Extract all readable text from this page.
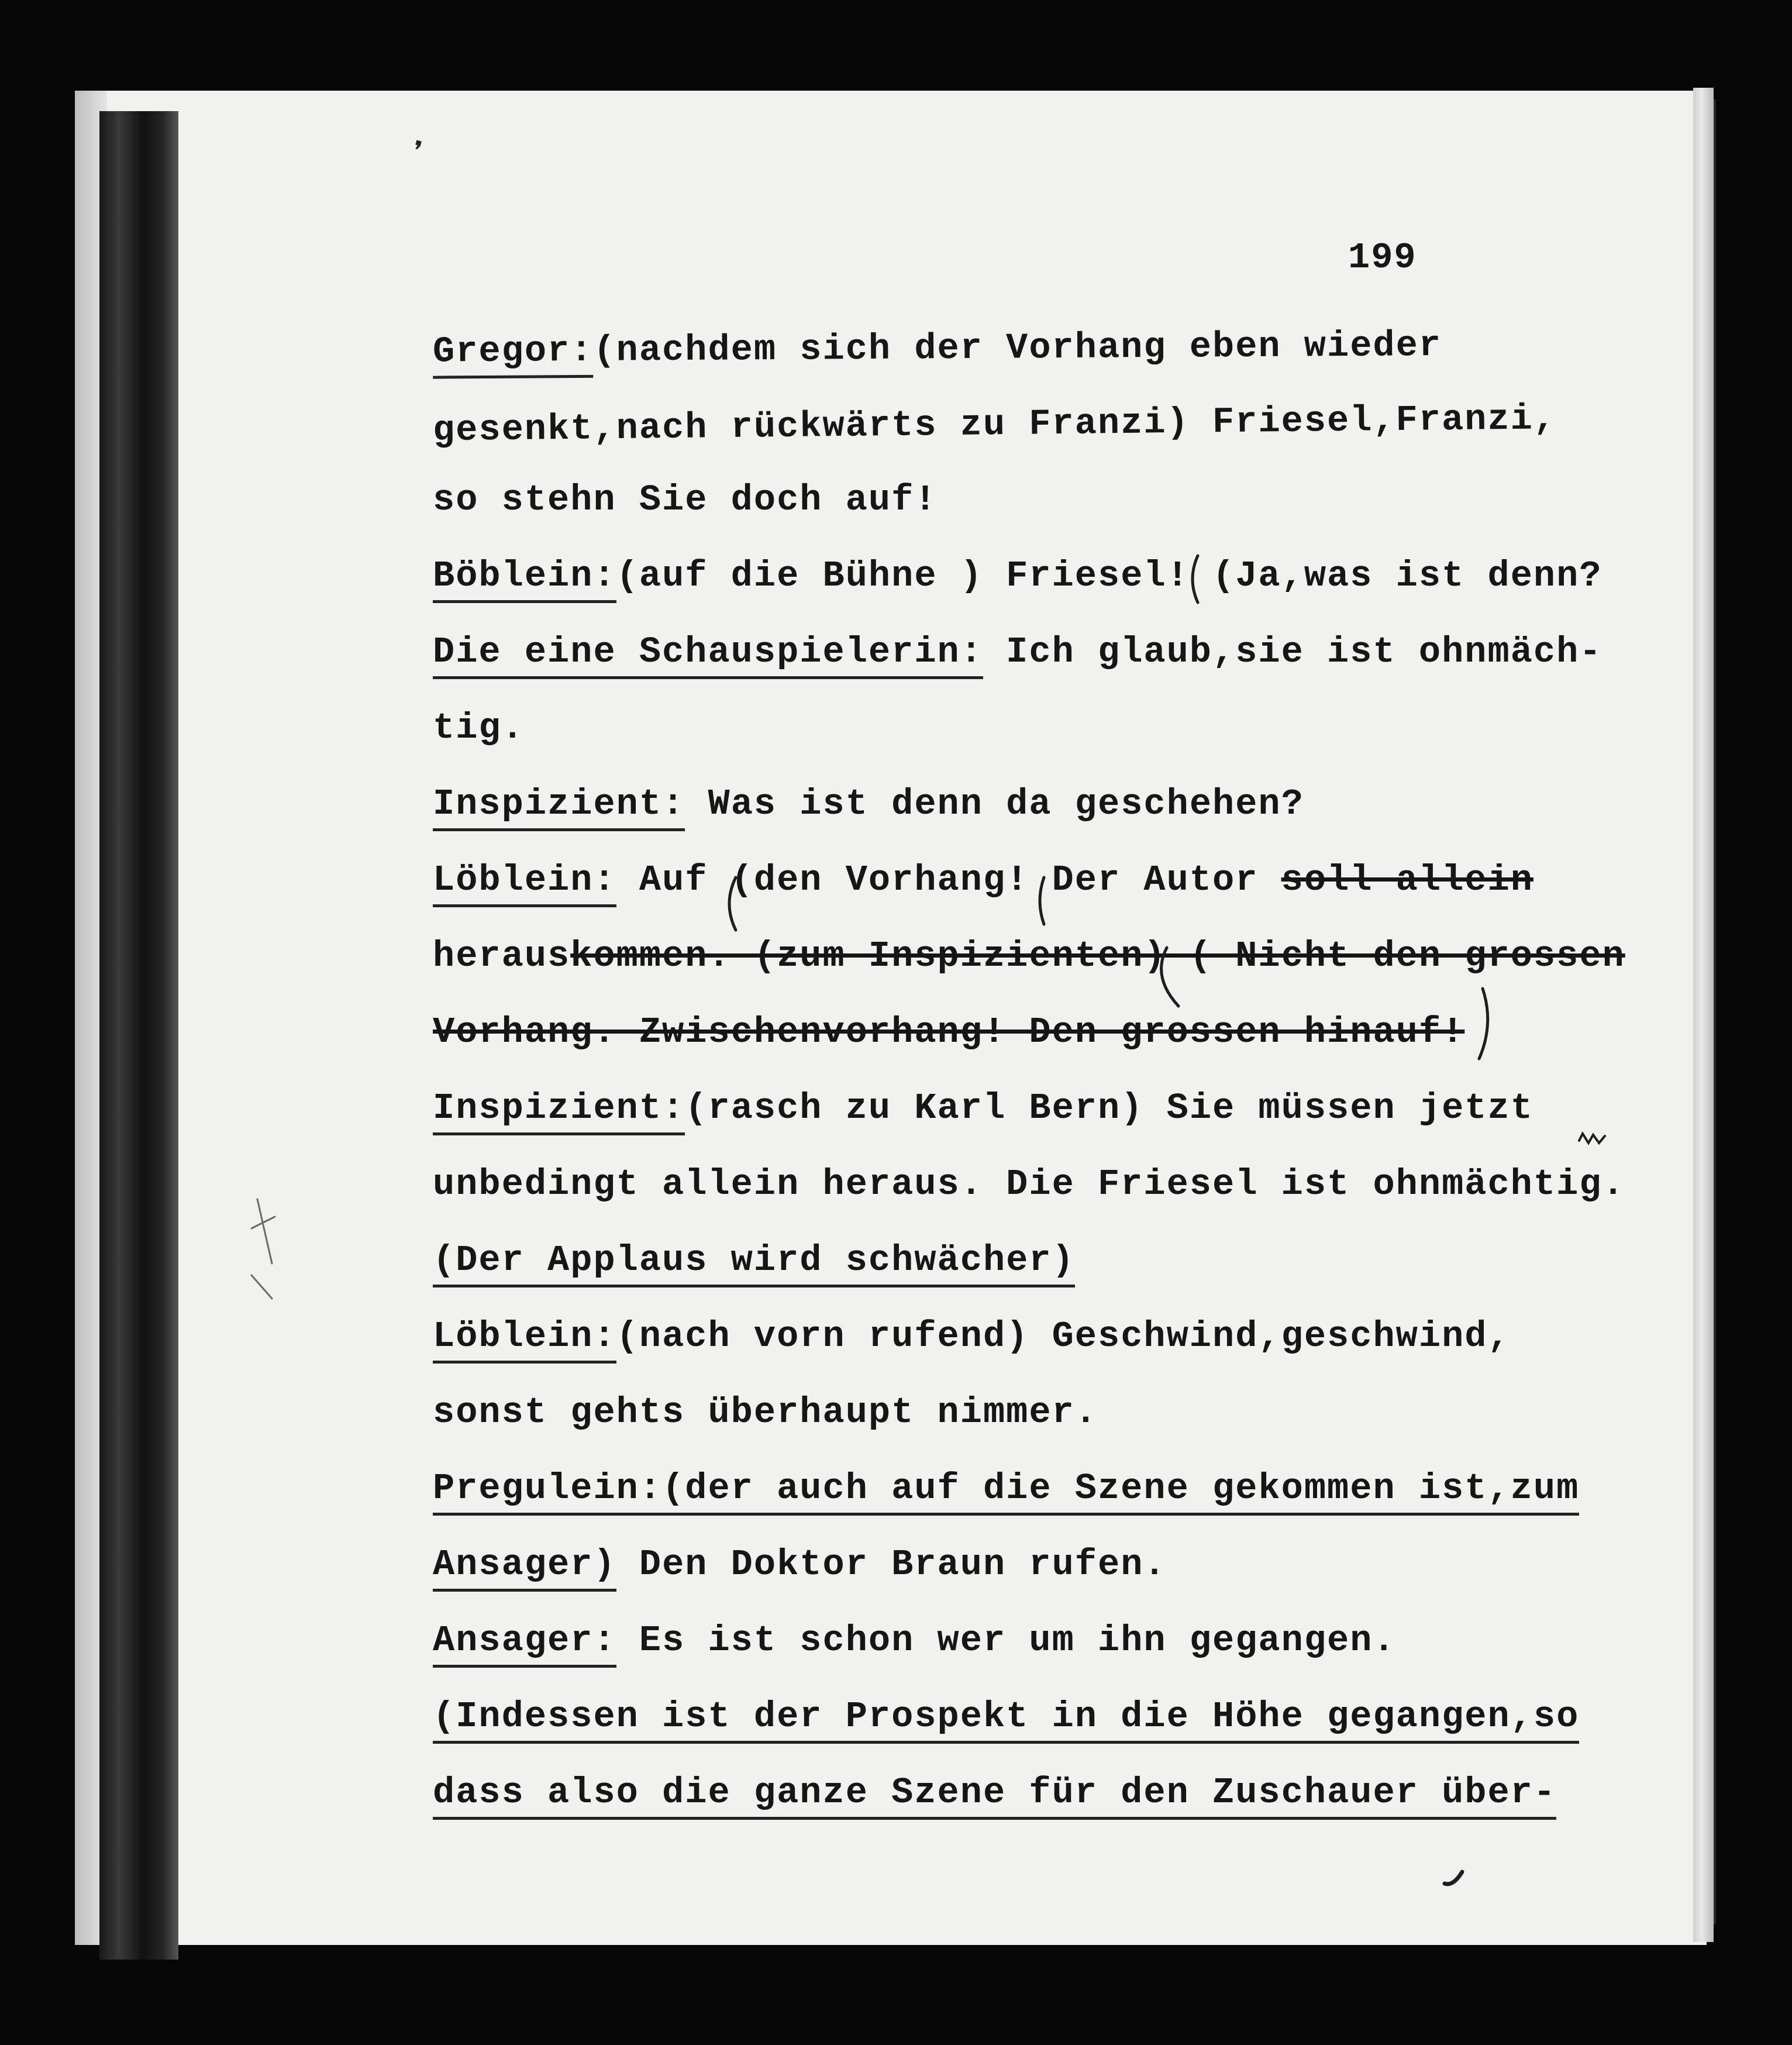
199
❜
Gregor:(nachdem sich der Vorhang eben wieder
gesenkt,nach rückwärts zu Franzi) Friesel,Franzi,
so stehn Sie doch auf!
Böblein:(auf die Bühne ) Friesel! (Ja,was ist denn?
Die eine Schauspielerin: Ich glaub,sie ist ohnmäch-
tig.
Inspizient: Was ist denn da geschehen?
Löblein: Auf (den Vorhang! Der Autor soll allein
herauskommen. (zum Inspizienten) ( Nicht den grossen
Vorhang. Zwischenvorhang! Den grossen hinauf!
Inspizient:(rasch zu Karl Bern) Sie müssen jetzt
unbedingt allein heraus. Die Friesel ist ohnmächtig.
(Der Applaus wird schwächer)
Löblein:(nach vorn rufend) Geschwind,geschwind,
sonst gehts überhaupt nimmer.
Pregulein:(der auch auf die Szene gekommen ist,zum
Ansager) Den Doktor Braun rufen.
Ansager: Es ist schon wer um ihn gegangen.
(Indessen ist der Prospekt in die Höhe gegangen,so
dass also die ganze Szene für den Zuschauer über-
